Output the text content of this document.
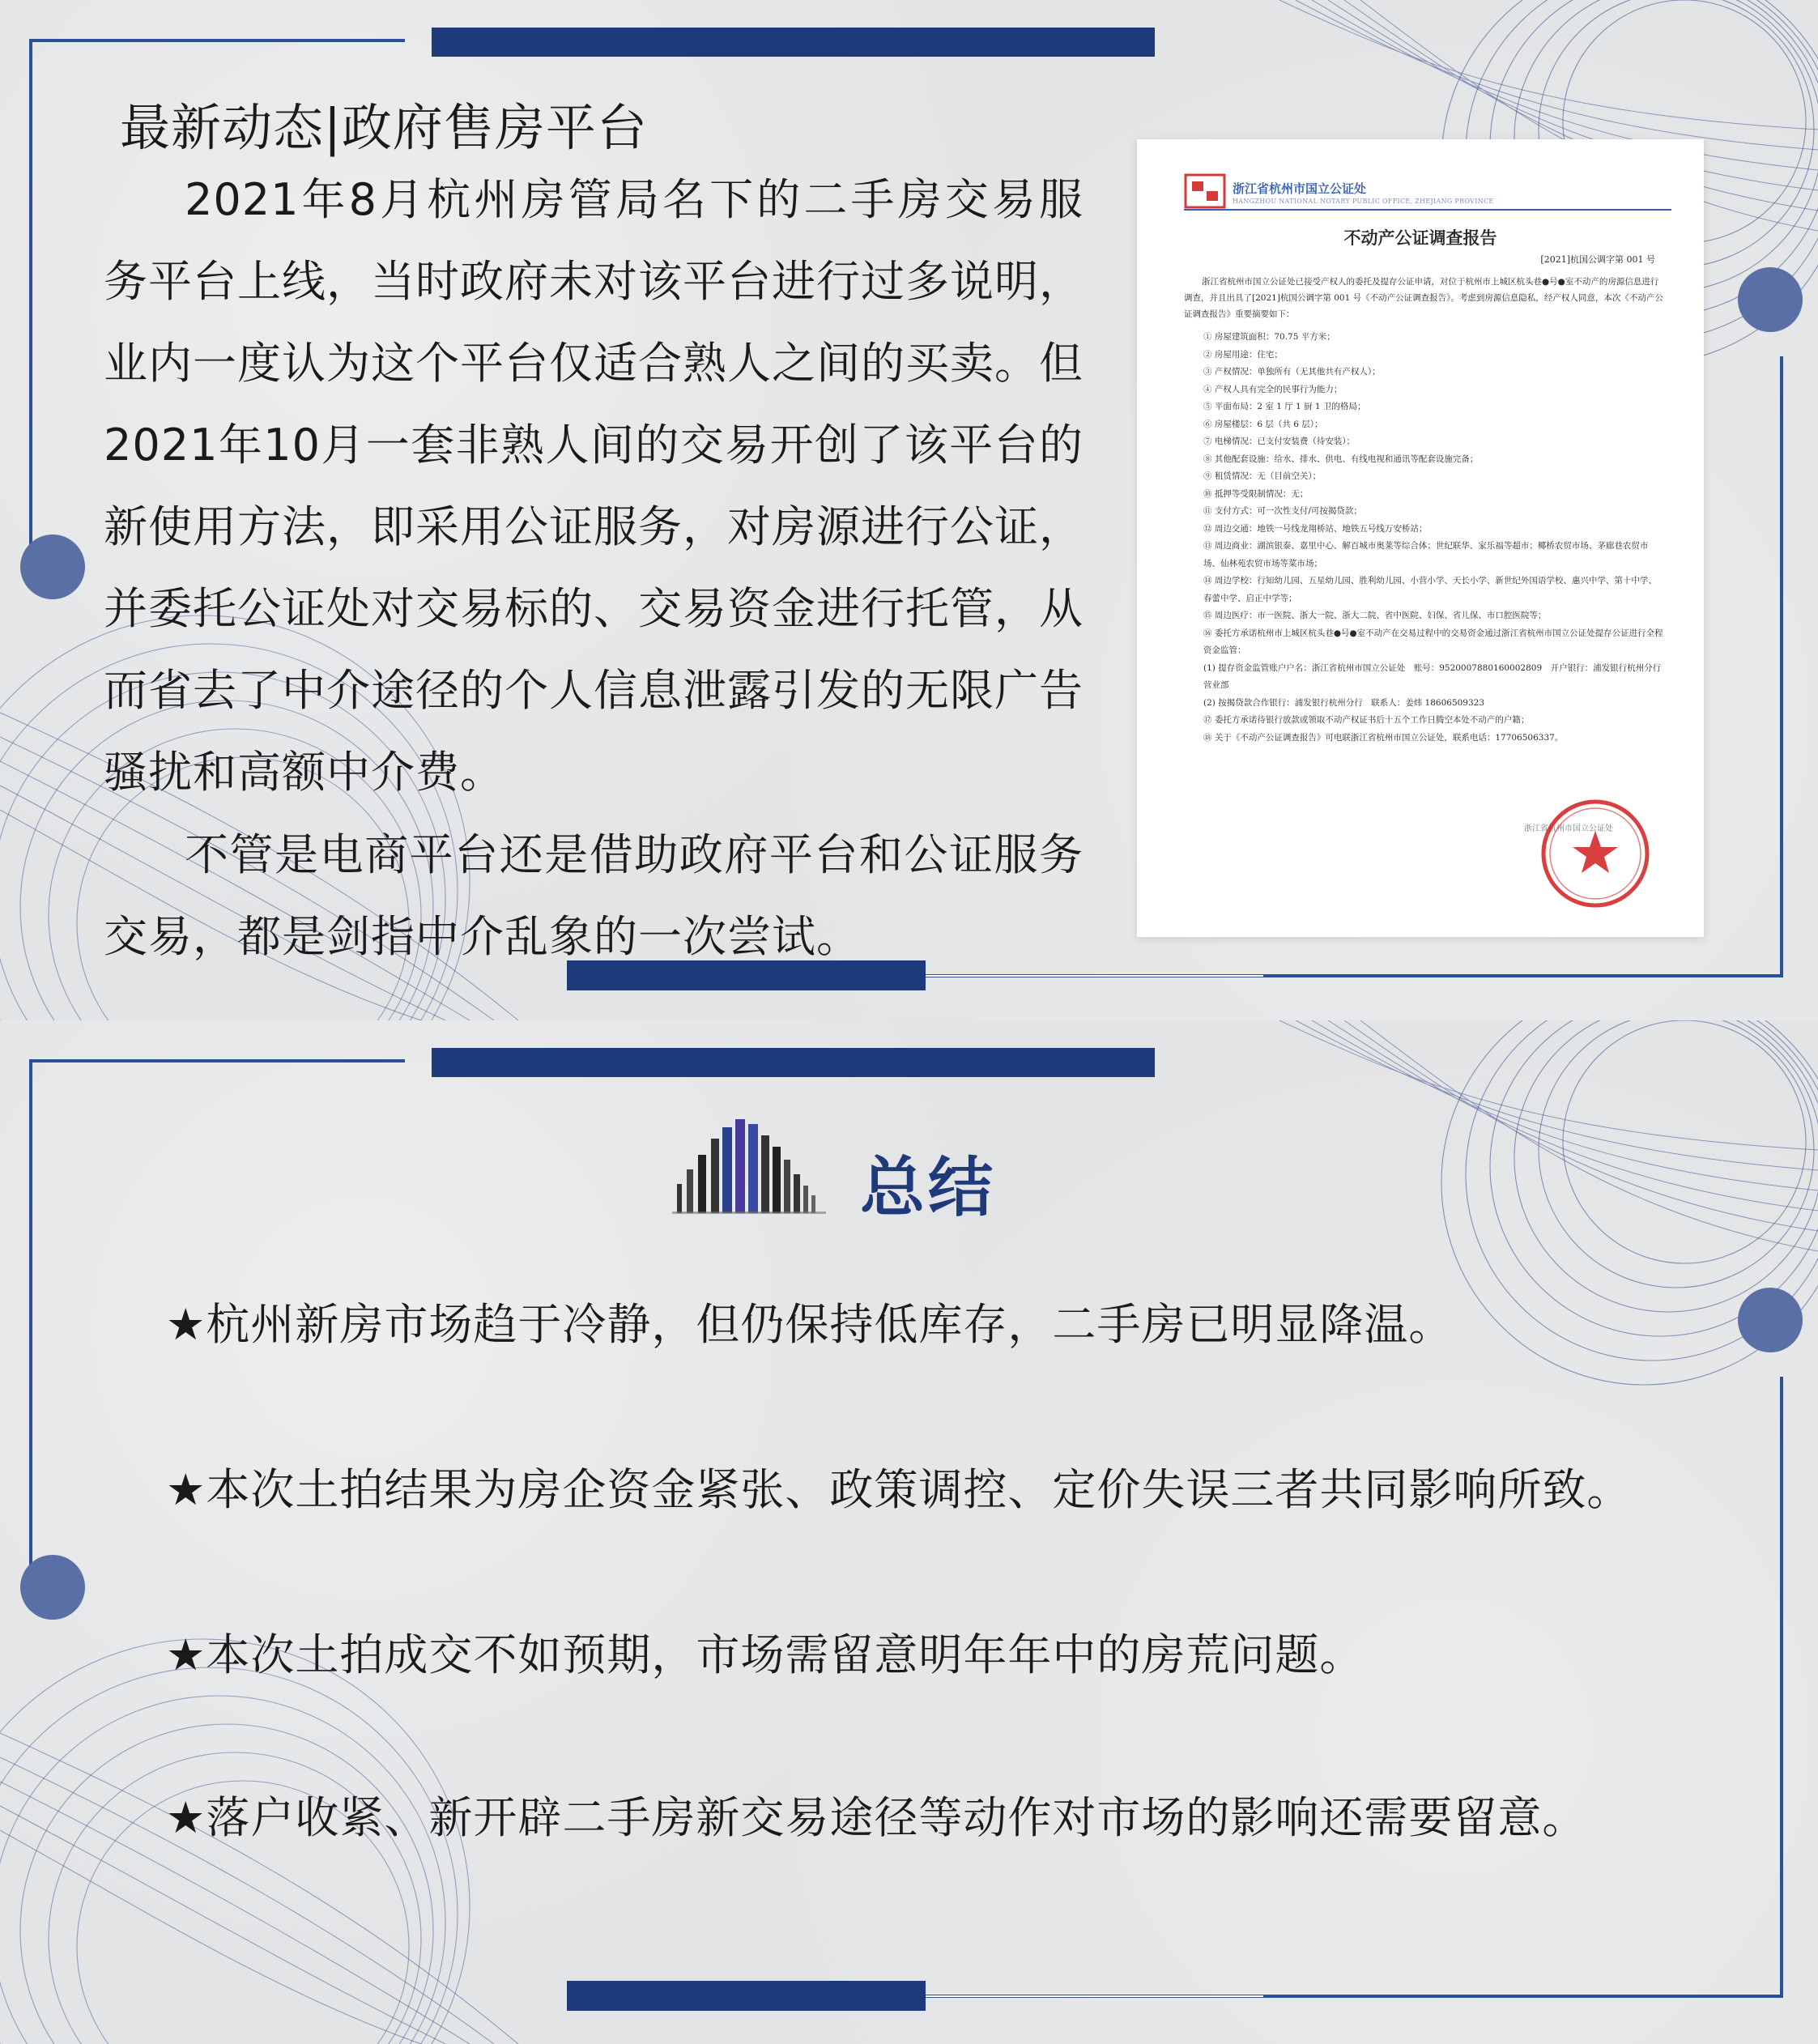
最新动态|政府售房平台

2021年8月杭州房管局名下的二手房交易服务平台上线，当时政府未对该平台进行过多说明，业内一度认为这个平台仅适合熟人之间的买卖。但2021年10月一套非熟人间的交易开创了该平台的新使用方法，即采用公证服务，对房源进行公证，并委托公证处对交易标的、交易资金进行托管，从而省去了中介途径的个人信息泄露引发的无限广告骚扰和高额中介费。

不管是电商平台还是借助政府平台和公证服务交易，都是剑指中介乱象的一次尝试。

浙江省杭州市国立公证处
HANGZHOU NATIONAL NOTARY PUBLIC OFFICE, ZHEJIANG PROVINCE
不动产公证调查报告
[2021]杭国公调字第 001 号
浙江省杭州市国立公证处已接受产权人的委托及提存公证申请，对位于杭州市上城区杭头巷●号●室不动产的房源信息进行调查，并且出具了[2021]杭国公调字第 001 号《不动产公证调查报告》。考虑到房源信息隐私，经产权人同意，本次《不动产公证调查报告》重要摘要如下：
① 房屋建筑面积：70.75 平方米；
② 房屋用途：住宅；
③ 产权情况：单独所有（无其他共有产权人）；
④ 产权人具有完全的民事行为能力；
⑤ 平面布局：2 室 1 厅 1 厨 1 卫的格局；
⑥ 房屋楼层：6 层（共 6 层）；
⑦ 电梯情况：已支付安装费（待安装）；
⑧ 其他配套设施：给水、排水、供电、有线电视和通讯等配套设施完备；
⑨ 租赁情况：无（目前空关）；
⑩ 抵押等受限制情况：无；
⑪ 支付方式：可一次性支付/可按揭贷款；
⑫ 周边交通：地铁一号线龙翔桥站、地铁五号线万安桥站；
⑬ 周边商业：湖滨银泰、嘉里中心、解百城市奥莱等综合体；世纪联华、家乐福等超市；椰桥农贸市场、茅廊巷农贸市场、仙林苑农贸市场等菜市场；
⑭ 周边学校：行知幼儿园、五星幼儿园、胜利幼儿园、小营小学、天长小学、新世纪外国语学校、惠兴中学、第十中学、春蕾中学、启正中学等；
⑮ 周边医疗：市一医院、浙大一院、浙大二院、省中医院、妇保、省儿保、市口腔医院等；
⑯ 委托方承诺杭州市上城区杭头巷●号●室不动产在交易过程中的交易资金通过浙江省杭州市国立公证处提存公证进行全程资金监管：
(1) 提存资金监管账户户名：浙江省杭州市国立公证处　账号：9520007880160002809　开户银行：浦发银行杭州分行营业部
(2) 按揭贷款合作银行：浦发银行杭州分行　联系人：姜炜 18606509323
⑰ 委托方承诺待银行放款或领取不动产权证书后十五个工作日腾空本处不动产的户籍；
⑱ 关于《不动产公证调查报告》可电联浙江省杭州市国立公证处，联系电话：17706506337。
浙江省杭州市国立公证处
总结

★杭州新房市场趋于冷静，但仍保持低库存，二手房已明显降温。

★本次土拍结果为房企资金紧张、政策调控、定价失误三者共同影响所致。

★本次土拍成交不如预期，市场需留意明年年中的房荒问题。

★落户收紧、新开辟二手房新交易途径等动作对市场的影响还需要留意。
